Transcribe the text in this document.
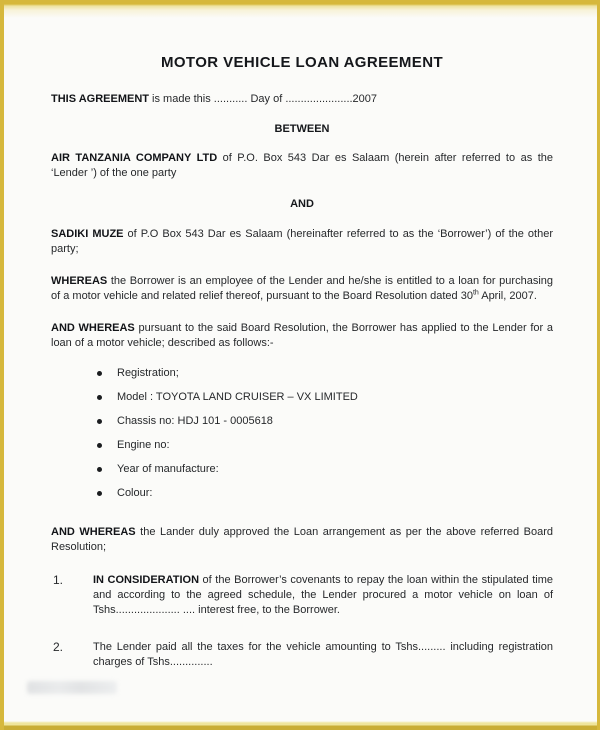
MOTOR VEHICLE LOAN AGREEMENT

THIS AGREEMENT is made this ........... Day of ......................2007

BETWEEN

AIR TANZANIA COMPANY LTD of P.O. Box 543 Dar es Salaam (herein after referred to as the ‘Lender ’) of the one party

AND

SADIKI MUZE of P.O Box 543 Dar es Salaam (hereinafter referred to as the ‘Borrower’) of the other party;

WHEREAS the Borrower is an employee of the Lender and he/she is entitled to a loan for purchasing of a motor vehicle and related relief thereof, pursuant to the Board Resolution dated 30th April, 2007.

AND WHEREAS pursuant to the said Board Resolution, the Borrower has applied to the Lender for a loan of a motor vehicle; described as follows:-

Registration;
Model : TOYOTA LAND CRUISER – VX LIMITED
Chassis no: HDJ 101 - 0005618
Engine no:
Year of manufacture:
Colour:

AND WHEREAS the Lander duly approved the Loan arrangement as per the above referred Board Resolution;

1.	IN CONSIDERATION of the Borrower’s covenants to repay the loan within the stipulated time and according to the agreed schedule, the Lender procured a motor vehicle on loan of Tshs..................... .... interest free, to the Borrower.

2.	The Lender paid all the taxes for the vehicle amounting to Tshs......... including registration charges of Tshs..............
